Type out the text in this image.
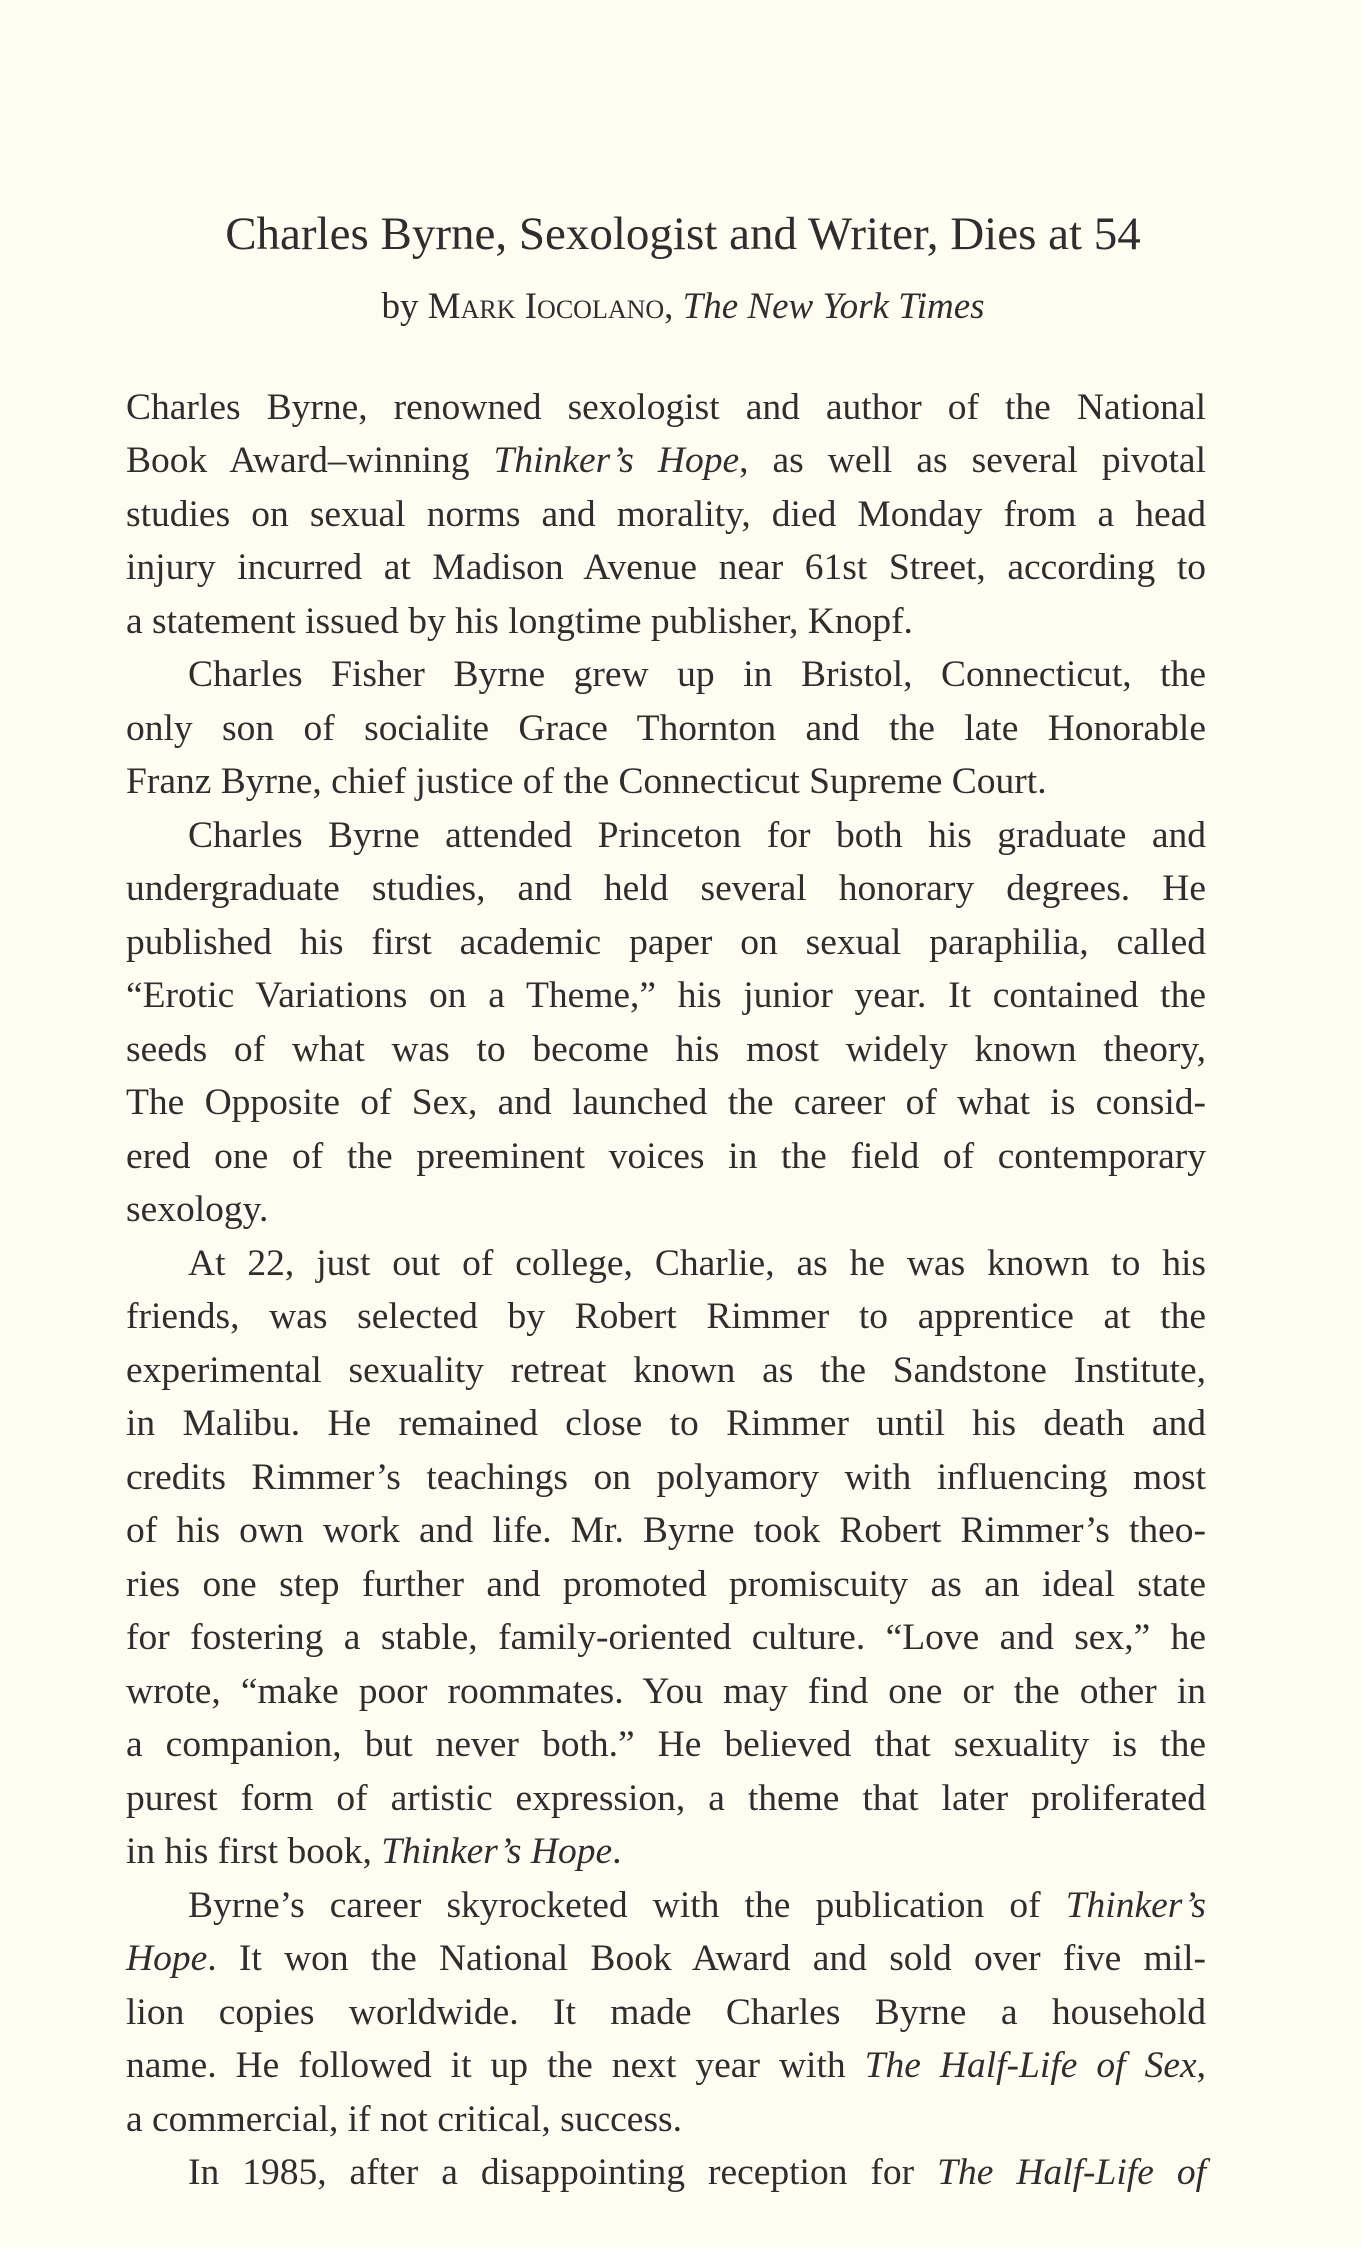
Charles Byrne, Sexologist and Writer, Dies at 54
by Mark Iocolano, The New York Times
Charles Byrne, renowned sexologist and author of the National
Book Award–winning Thinker’s Hope, as well as several pivotal
studies on sexual norms and morality, died Monday from a head
injury incurred at Madison Avenue near 61st Street, according to
a statement issued by his longtime publisher, Knopf.
Charles Fisher Byrne grew up in Bristol, Connecticut, the
only son of socialite Grace Thornton and the late Honorable
Franz Byrne, chief justice of the Connecticut Supreme Court.
Charles Byrne attended Princeton for both his graduate and
undergraduate studies, and held several honorary degrees. He
published his first academic paper on sexual paraphilia, called
“Erotic Variations on a Theme,” his junior year. It contained the
seeds of what was to become his most widely known theory,
The Opposite of Sex, and launched the career of what is consid-
ered one of the preeminent voices in the field of contemporary
sexology.
At 22, just out of college, Charlie, as he was known to his
friends, was selected by Robert Rimmer to apprentice at the
experimental sexuality retreat known as the Sandstone Institute,
in Malibu. He remained close to Rimmer until his death and
credits Rimmer’s teachings on polyamory with influencing most
of his own work and life. Mr. Byrne took Robert Rimmer’s theo-
ries one step further and promoted promiscuity as an ideal state
for fostering a stable, family-oriented culture. “Love and sex,” he
wrote, “make poor roommates. You may find one or the other in
a companion, but never both.” He believed that sexuality is the
purest form of artistic expression, a theme that later proliferated
in his first book, Thinker’s Hope.
Byrne’s career skyrocketed with the publication of Thinker’s
Hope. It won the National Book Award and sold over five mil-
lion copies worldwide. It made Charles Byrne a household
name. He followed it up the next year with The Half-Life of Sex,
a commercial, if not critical, success.
In 1985, after a disappointing reception for The Half-Life of
